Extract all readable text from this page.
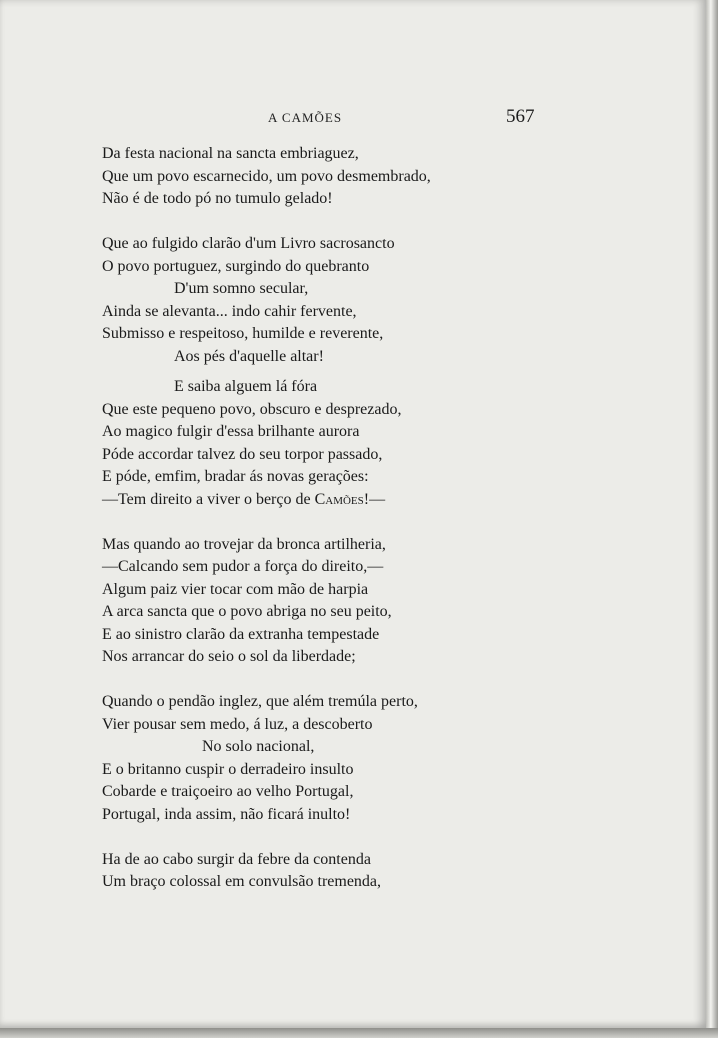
A CAMÕES	567
Da festa nacional na sancta embriaguez,
Que um povo escarnecido, um povo desmembrado,
Não é de todo pó no tumulo gelado!
Que ao fulgido clarão d'um Livro sacrosancto
O povo portuguez, surgindo do quebranto
D'um somno secular,
Ainda se alevanta... indo cahir fervente,
Submisso e respeitoso, humilde e reverente,
Aos pés d'aquelle altar!
E saiba alguem lá fóra
Que este pequeno povo, obscuro e desprezado,
Ao magico fulgir d'essa brilhante aurora
Póde accordar talvez do seu torpor passado,
E póde, emfim, bradar ás novas gerações:
—Tem direito a viver o berço de Camões!—
Mas quando ao trovejar da bronca artilheria,
—Calcando sem pudor a força do direito,—
Algum paiz vier tocar com mão de harpia
A arca sancta que o povo abriga no seu peito,
E ao sinistro clarão da extranha tempestade
Nos arrancar do seio o sol da liberdade;
Quando o pendão inglez, que além tremúla perto,
Vier pousar sem medo, á luz, a descoberto
No solo nacional,
E o britanno cuspir o derradeiro insulto
Cobarde e traiçoeiro ao velho Portugal,
Portugal, inda assim, não ficará inulto!
Ha de ao cabo surgir da febre da contenda
Um braço colossal em convulsão tremenda,
